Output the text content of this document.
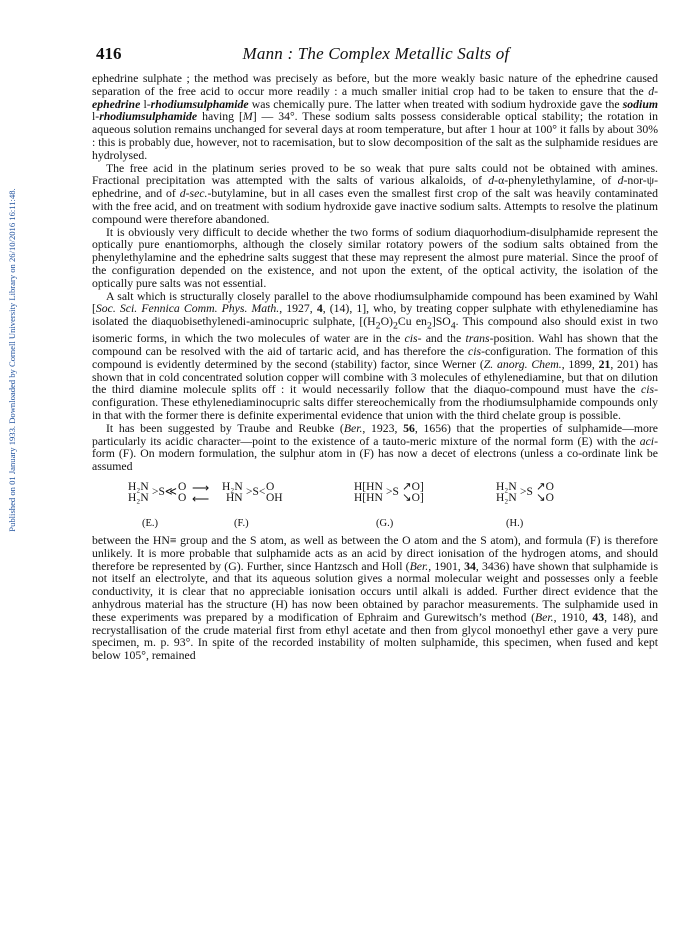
Published on 01 January 1933. Downloaded by Cornell University Library on 26/10/2016 16:11:48.
416	Mann : The Complex Metallic Salts of

ephedrine sulphate ; the method was precisely as before, but the more weakly basic nature of the ephedrine caused separation of the free acid to occur more readily : a much smaller initial crop had to be taken to ensure that the d-ephedrine l-rhodiumsulphamide was chemically pure. The latter when treated with sodium hydroxide gave the sodium l-rhodiumsulphamide having [M] — 34°. These sodium salts possess considerable optical stability; the rotation in aqueous solution remains unchanged for several days at room temperature, but after 1 hour at 100° it falls by about 30% : this is probably due, however, not to racemisation, but to slow decomposition of the salt as the sulphamide residues are hydrolysed.

The free acid in the platinum series proved to be so weak that pure salts could not be obtained with amines. Fractional precipitation was attempted with the salts of various alkaloids, of d-α-phenylethylamine, of d-nor-ψ-ephedrine, and of d-sec.-butylamine, but in all cases even the smallest first crop of the salt was heavily contaminated with the free acid, and on treatment with sodium hydroxide gave inactive sodium salts. Attempts to resolve the platinum compound were therefore abandoned.

It is obviously very difficult to decide whether the two forms of sodium diaquorhodium-disulphamide represent the optically pure enantiomorphs, although the closely similar rotatory powers of the sodium salts obtained from the phenylethylamine and the ephedrine salts suggest that these may represent the almost pure material. Since the proof of the configuration depended on the existence, and not upon the extent, of the optical activity, the isolation of the optically pure salts was not essential.

A salt which is structurally closely parallel to the above rhodiumsulphamide compound has been examined by Wahl [Soc. Sci. Fennica Comm. Phys. Math., 1927, 4, (14), 1], who, by treating copper sulphate with ethylenediamine has isolated the diaquobisethylenedi-aminocupric sulphate, [$(H_2O)_2Cu$ $en_2]SO_4$. This compound also should exist in two isomeric forms, in which the two molecules of water are in the cis- and the trans-position. Wahl has shown that the compound can be resolved with the aid of tartaric acid, and has therefore the cis-configuration. The formation of this compound is evidently determined by the second (stability) factor, since Werner (Z. anorg. Chem., 1899, 21, 201) has shown that in cold concentrated solution copper will combine with 3 molecules of ethylenediamine, but that on dilution the third diamine molecule splits off : it would necessarily follow that the diaquo-compound must have the cis-configuration. These ethylenediaminocupric salts differ stereochemically from the rhodiumsulphamide compounds only in that with the former there is definite experimental evidence that union with the third chelate group is possible.

It has been suggested by Traube and Reubke (Ber., 1923, 56, 1656) that the properties of sulphamide—more particularly its acidic character—point to the existence of a tauto-meric mixture of the normal form (E) with the aci-form (F). On modern formulation, the sulphur atom in (F) has now a decet of electrons (unless a co-ordinate link be assumed

H₂N
H₂N >S≪ O
O
⟶
⟵
H₂N
HN >S< O
OH
H[HN
H[HN >S ↗O]
↘O]
H₂N
H₂N >S ↗O
↘O
(E.)	(F.)	(G.)	(H.)

between the HN≡ group and the S atom, as well as between the O atom and the S atom), and formula (F) is therefore unlikely. It is more probable that sulphamide acts as an acid by direct ionisation of the hydrogen atoms, and should therefore be represented by (G). Further, since Hantzsch and Holl (Ber., 1901, 34, 3436) have shown that sulphamide is not itself an electrolyte, and that its aqueous solution gives a normal molecular weight and possesses only a feeble conductivity, it is clear that no appreciable ionisation occurs until alkali is added. Further direct evidence that the anhydrous material has the structure (H) has now been obtained by parachor measurements. The sulphamide used in these experiments was prepared by a modification of Ephraim and Gurewitsch’s method (Ber., 1910, 43, 148), and recrystallisation of the crude material first from ethyl acetate and then from glycol monoethyl ether gave a very pure specimen, m. p. 93°. In spite of the recorded instability of molten sulphamide, this specimen, when fused and kept below 105°, remained
